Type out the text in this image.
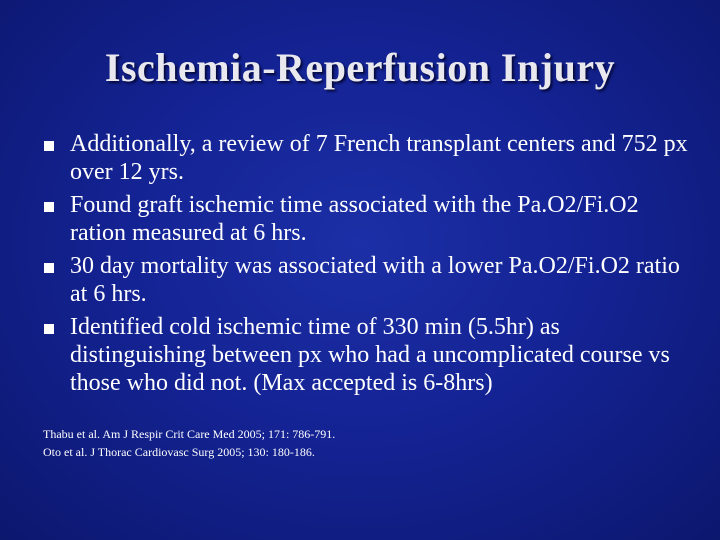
Ischemia-Reperfusion Injury
Additionally, a review of 7 French transplant centers and 752 px over 12 yrs.
Found graft ischemic time associated with the Pa.O2/Fi.O2 ration measured at 6 hrs.
30 day mortality was associated with a lower Pa.O2/Fi.O2 ratio at 6 hrs.
Identified cold ischemic time of 330 min (5.5hr) as distinguishing between px who had a uncomplicated course vs those who did not. (Max accepted is 6-8hrs)
Thabu et al. Am J Respir Crit Care Med 2005; 171: 786-791.
Oto et al. J Thorac Cardiovasc Surg 2005; 130: 180-186.
